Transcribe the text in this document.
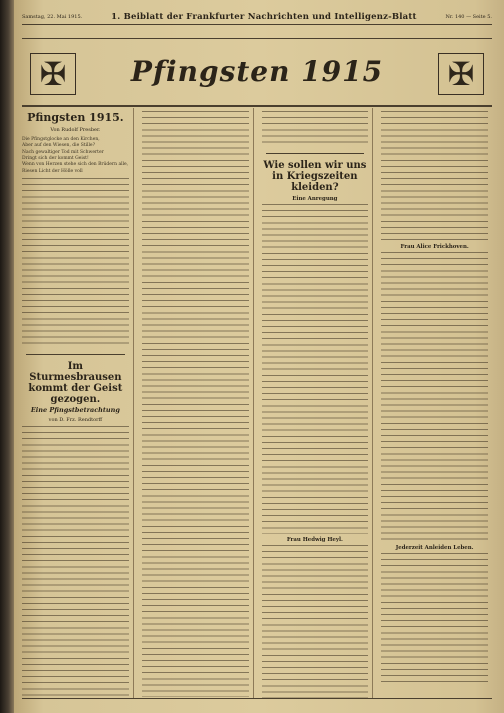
Samstag, 22. Mai 1915.	1. Beiblatt der Frankfurter Nachrichten und Intelligenz-Blatt	Nr. 140 — Seite 5.
✠	Pfingsten 1915	✠
Pfingsten 1915.
Von Rudolf Presber.
Die Pfingstglocke an den Kirchen,
Aber auf den Wiesen, die Stille?
Nach gewaltiger Tod mit Schwerter
Dringt sich der kommt Geist!
Wenn von Herzen stehe sich den Brüdern alle,
Riesen Licht der Hölle voll
Im Sturmesbrausen kommt der Geist gezogen.
Eine Pfingstbetrachtung
von D. Frz. Rendtorff
Wie sollen wir uns in Kriegszeiten kleiden?
Eine Anregung
Frau Hedwig Heyl.
Frau Alice Frickhoven.
Jederzeit Anleiden Leben.
